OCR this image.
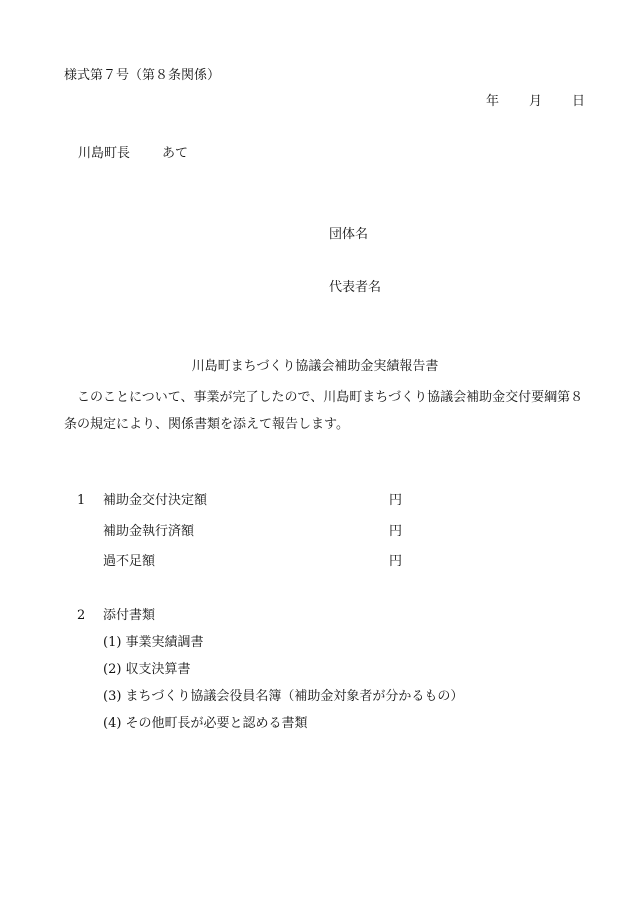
様式第７号（第８条関係）
年 月 日
川島町長 あて
団体名
代表者名
川島町まちづくり協議会補助金実績報告書
このことについて、事業が完了したので、川島町まちづくり協議会補助金交付要綱第８条の規定により、関係書類を添えて報告します。
1 補助金交付決定額	円
補助金執行済額	円
過不足額	円
2 添付書類
(1) 事業実績調書
(2) 収支決算書
(3) まちづくり協議会役員名簿（補助金対象者が分かるもの）
(4) その他町長が必要と認める書類
